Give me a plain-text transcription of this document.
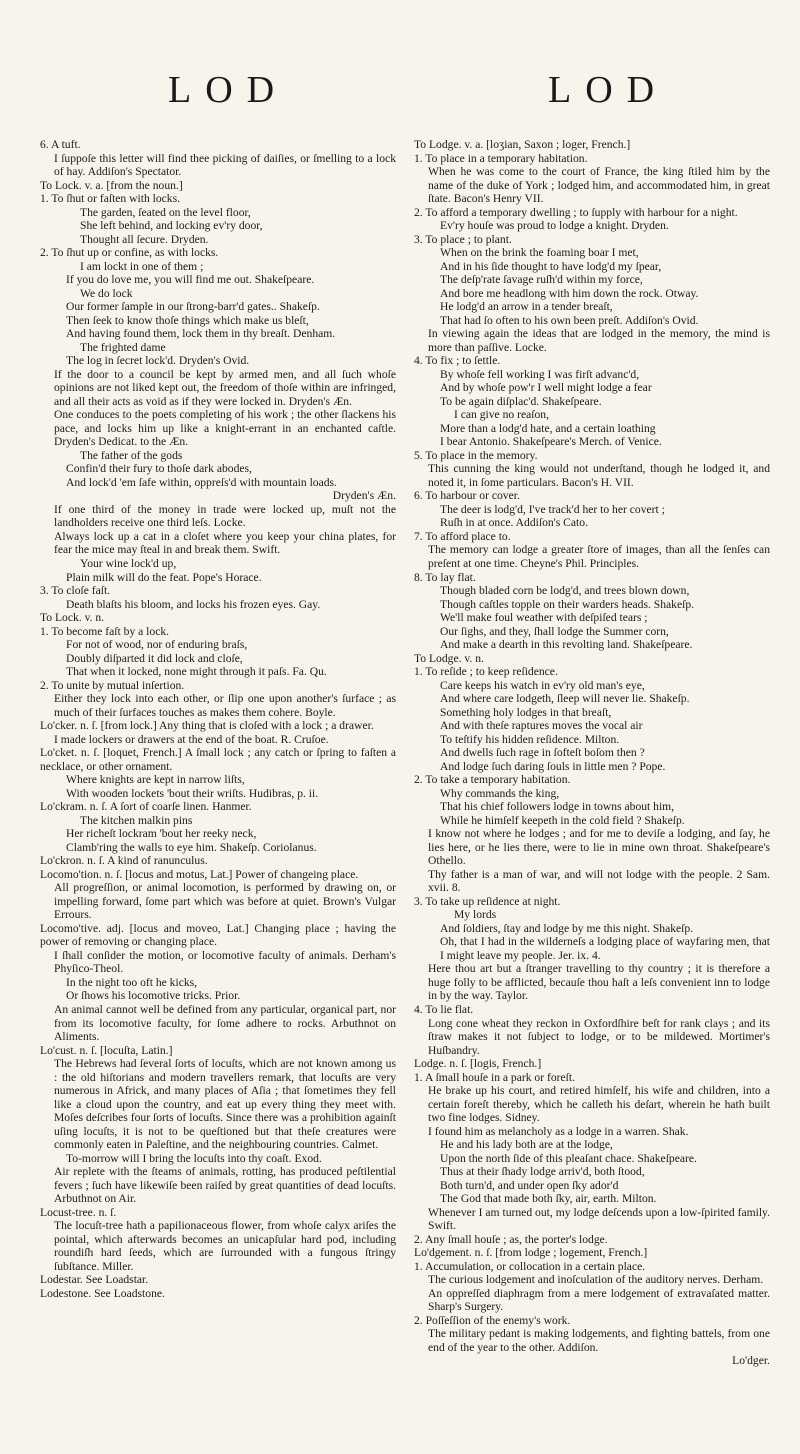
LOD	LOD

6. A tuft.

I ſuppoſe this letter will find thee picking of daiſies, or ſmelling to a lock of hay. Addiſon's Spectator.

To Lock. v. a. [from the noun.]

1. To ſhut or faſten with locks.

The garden, ſeated on the level floor,

She left behind, and locking ev'ry door,

Thought all ſecure. Dryden.

2. To ſhut up or confine, as with locks.

I am lockt in one of them ;

If you do love me, you will find me out. Shakeſpeare.

We do lock

Our former ſample in our ſtrong-barr'd gates.. Shakeſp.

Then ſeek to know thoſe things which make us bleſt,

And having found them, lock them in thy breaſt. Denham.

The frighted dame

The log in ſecret lock'd. Dryden's Ovid.

If the door to a council be kept by armed men, and all ſuch whoſe opinions are not liked kept out, the freedom of thoſe within are infringed, and all their acts as void as if they were locked in. Dryden's Æn.

One conduces to the poets completing of his work ; the other ſlackens his pace, and locks him up like a knight-errant in an enchanted caſtle. Dryden's Dedicat. to the Æn.

The father of the gods

Confin'd their fury to thoſe dark abodes,

And lock'd 'em ſafe within, oppreſs'd with mountain loads.

Dryden's Æn.

If one third of the money in trade were locked up, muſt not the landholders receive one third leſs. Locke.

Always lock up a cat in a cloſet where you keep your china plates, for fear the mice may ſteal in and break them. Swift.

Your wine lock'd up,

Plain milk will do the feat. Pope's Horace.

3. To cloſe faſt.

Death blaſts his bloom, and locks his frozen eyes. Gay.

To Lock. v. n.

1. To become faſt by a lock.

For not of wood, nor of enduring braſs,

Doubly diſparted it did lock and cloſe,

That when it locked, none might through it paſs. Fa. Qu.

2. To unite by mutual inſertion.

Either they lock into each other, or ſlip one upon another's ſurface ; as much of their ſurfaces touches as makes them cohere. Boyle.

Lo'cker. n. ſ. [from lock.] Any thing that is cloſed with a lock ; a drawer.

I made lockers or drawers at the end of the boat. R. Cruſoe.

Lo'cket. n. ſ. [loquet, French.] A ſmall lock ; any catch or ſpring to faſten a necklace, or other ornament.

Where knights are kept in narrow liſts,

With wooden lockets 'bout their wriſts. Hudibras, p. ii.

Lo'ckram. n. ſ. A ſort of coarſe linen. Hanmer.

The kitchen malkin pins

Her richeſt lockram 'bout her reeky neck,

Clamb'ring the walls to eye him. Shakeſp. Coriolanus.

Lo'ckron. n. ſ. A kind of ranunculus.

Locomo'tion. n. ſ. [locus and motus, Lat.] Power of changeing place.

All progreſſion, or animal locomotion, is performed by drawing on, or impelling forward, ſome part which was before at quiet. Brown's Vulgar Errours.

Locomo'tive. adj. [locus and moveo, Lat.] Changing place ; having the power of removing or changing place.

I ſhall conſider the motion, or locomotive faculty of animals. Derham's Phyſico-Theol.

In the night too oft he kicks,

Or ſhows his locomotive tricks. Prior.

An animal cannot well be defined from any particular, organical part, nor from its locomotive faculty, for ſome adhere to rocks. Arbuthnot on Aliments.

Lo'cust. n. ſ. [locuſta, Latin.]

The Hebrews had ſeveral ſorts of locuſts, which are not known among us : the old hiſtorians and modern travellers remark, that locuſts are very numerous in Africk, and many places of Aſia ; that ſometimes they fell like a cloud upon the country, and eat up every thing they meet with. Moſes deſcribes four ſorts of locuſts. Since there was a prohibition againſt uſing locuſts, it is not to be queſtioned but that theſe creatures were commonly eaten in Paleſtine, and the neighbouring countries. Calmet.

To-morrow will I bring the locuſts into thy coaſt. Exod.

Air replete with the ſteams of animals, rotting, has produced peſtilential fevers ; ſuch have likewiſe been raiſed by great quantities of dead locuſts. Arbuthnot on Air.

Locust-tree. n. ſ.

The locuſt-tree hath a papilionaceous flower, from whoſe calyx ariſes the pointal, which afterwards becomes an unicapſular hard pod, including roundiſh hard ſeeds, which are ſurrounded with a fungous ſtringy ſubſtance. Miller.

Lodestar. See Loadstar.

Lodestone. See Loadstone.

To Lodge. v. a. [loʒian, Saxon ; loger, French.]

1. To place in a temporary habitation.

When he was come to the court of France, the king ſtiled him by the name of the duke of York ; lodged him, and accommodated him, in great ſtate. Bacon's Henry VII.

2. To afford a temporary dwelling ; to ſupply with harbour for a night.

Ev'ry houſe was proud to lodge a knight. Dryden.

3. To place ; to plant.

When on the brink the foaming boar I met,

And in his ſide thought to have lodg'd my ſpear,

The deſp'rate ſavage ruſh'd within my force,

And bore me headlong with him down the rock. Otway.

He lodg'd an arrow in a tender breaſt,

That had ſo often to his own been preſt. Addiſon's Ovid.

In viewing again the ideas that are lodged in the memory, the mind is more than paſſive. Locke.

4. To fix ; to ſettle.

By whoſe fell working I was firſt advanc'd,

And by whoſe pow'r I well might lodge a fear

To be again diſplac'd. Shakeſpeare.

I can give no reaſon,

More than a lodg'd hate, and a certain loathing

I bear Antonio. Shakeſpeare's Merch. of Venice.

5. To place in the memory.

This cunning the king would not underſtand, though he lodged it, and noted it, in ſome particulars. Bacon's H. VII.

6. To harbour or cover.

The deer is lodg'd, I've track'd her to her covert ;

Ruſh in at once. Addiſon's Cato.

7. To afford place to.

The memory can lodge a greater ſtore of images, than all the ſenſes can preſent at one time. Cheyne's Phil. Principles.

8. To lay flat.

Though bladed corn be lodg'd, and trees blown down,

Though caſtles topple on their warders heads. Shakeſp.

We'll make foul weather with deſpiſed tears ;

Our ſighs, and they, ſhall lodge the Summer corn,

And make a dearth in this revolting land. Shakeſpeare.

To Lodge. v. n.

1. To reſide ; to keep reſidence.

Care keeps his watch in ev'ry old man's eye,

And where care lodgeth, ſleep will never lie. Shakeſp.

Something holy lodges in that breaſt,

And with theſe raptures moves the vocal air

To teſtify his hidden reſidence. Milton.

And dwells ſuch rage in ſofteſt boſom then ?

And lodge ſuch daring ſouls in little men ? Pope.

2. To take a temporary habitation.

Why commands the king,

That his chief followers lodge in towns about him,

While he himſelf keepeth in the cold field ? Shakeſp.

I know not where he lodges ; and for me to deviſe a lodging, and ſay, he lies here, or he lies there, were to lie in mine own throat. Shakeſpeare's Othello.

Thy father is a man of war, and will not lodge with the people. 2 Sam. xvii. 8.

3. To take up reſidence at night.

My lords

And ſoldiers, ſtay and lodge by me this night. Shakeſp.

Oh, that I had in the wilderneſs a lodging place of wayfaring men, that I might leave my people. Jer. ix. 4.

Here thou art but a ſtranger travelling to thy country ; it is therefore a huge folly to be afflicted, becauſe thou haſt a leſs convenient inn to lodge in by the way. Taylor.

4. To lie flat.

Long cone wheat they reckon in Oxfordſhire beſt for rank clays ; and its ſtraw makes it not ſubject to lodge, or to be mildewed. Mortimer's Huſbandry.

Lodge. n. ſ. [logis, French.]

1. A ſmall houſe in a park or foreſt.

He brake up his court, and retired himſelf, his wife and children, into a certain foreſt thereby, which he calleth his deſart, wherein he hath built two fine lodges. Sidney.

I found him as melancholy as a lodge in a warren. Shak.

He and his lady both are at the lodge,

Upon the north ſide of this pleaſant chace. Shakeſpeare.

Thus at their ſhady lodge arriv'd, both ſtood,

Both turn'd, and under open ſky ador'd

The God that made both ſky, air, earth. Milton.

Whenever I am turned out, my lodge deſcends upon a low-ſpirited family. Swift.

2. Any ſmall houſe ; as, the porter's lodge.

Lo'dgement. n. ſ. [from lodge ; logement, French.]

1. Accumulation, or collocation in a certain place.

The curious lodgement and inoſculation of the auditory nerves. Derham.

An oppreſſed diaphragm from a mere lodgement of extravaſated matter. Sharp's Surgery.

2. Poſſeſſion of the enemy's work.

The military pedant is making lodgements, and fighting battels, from one end of the year to the other. Addiſon.

Lo'dger.
